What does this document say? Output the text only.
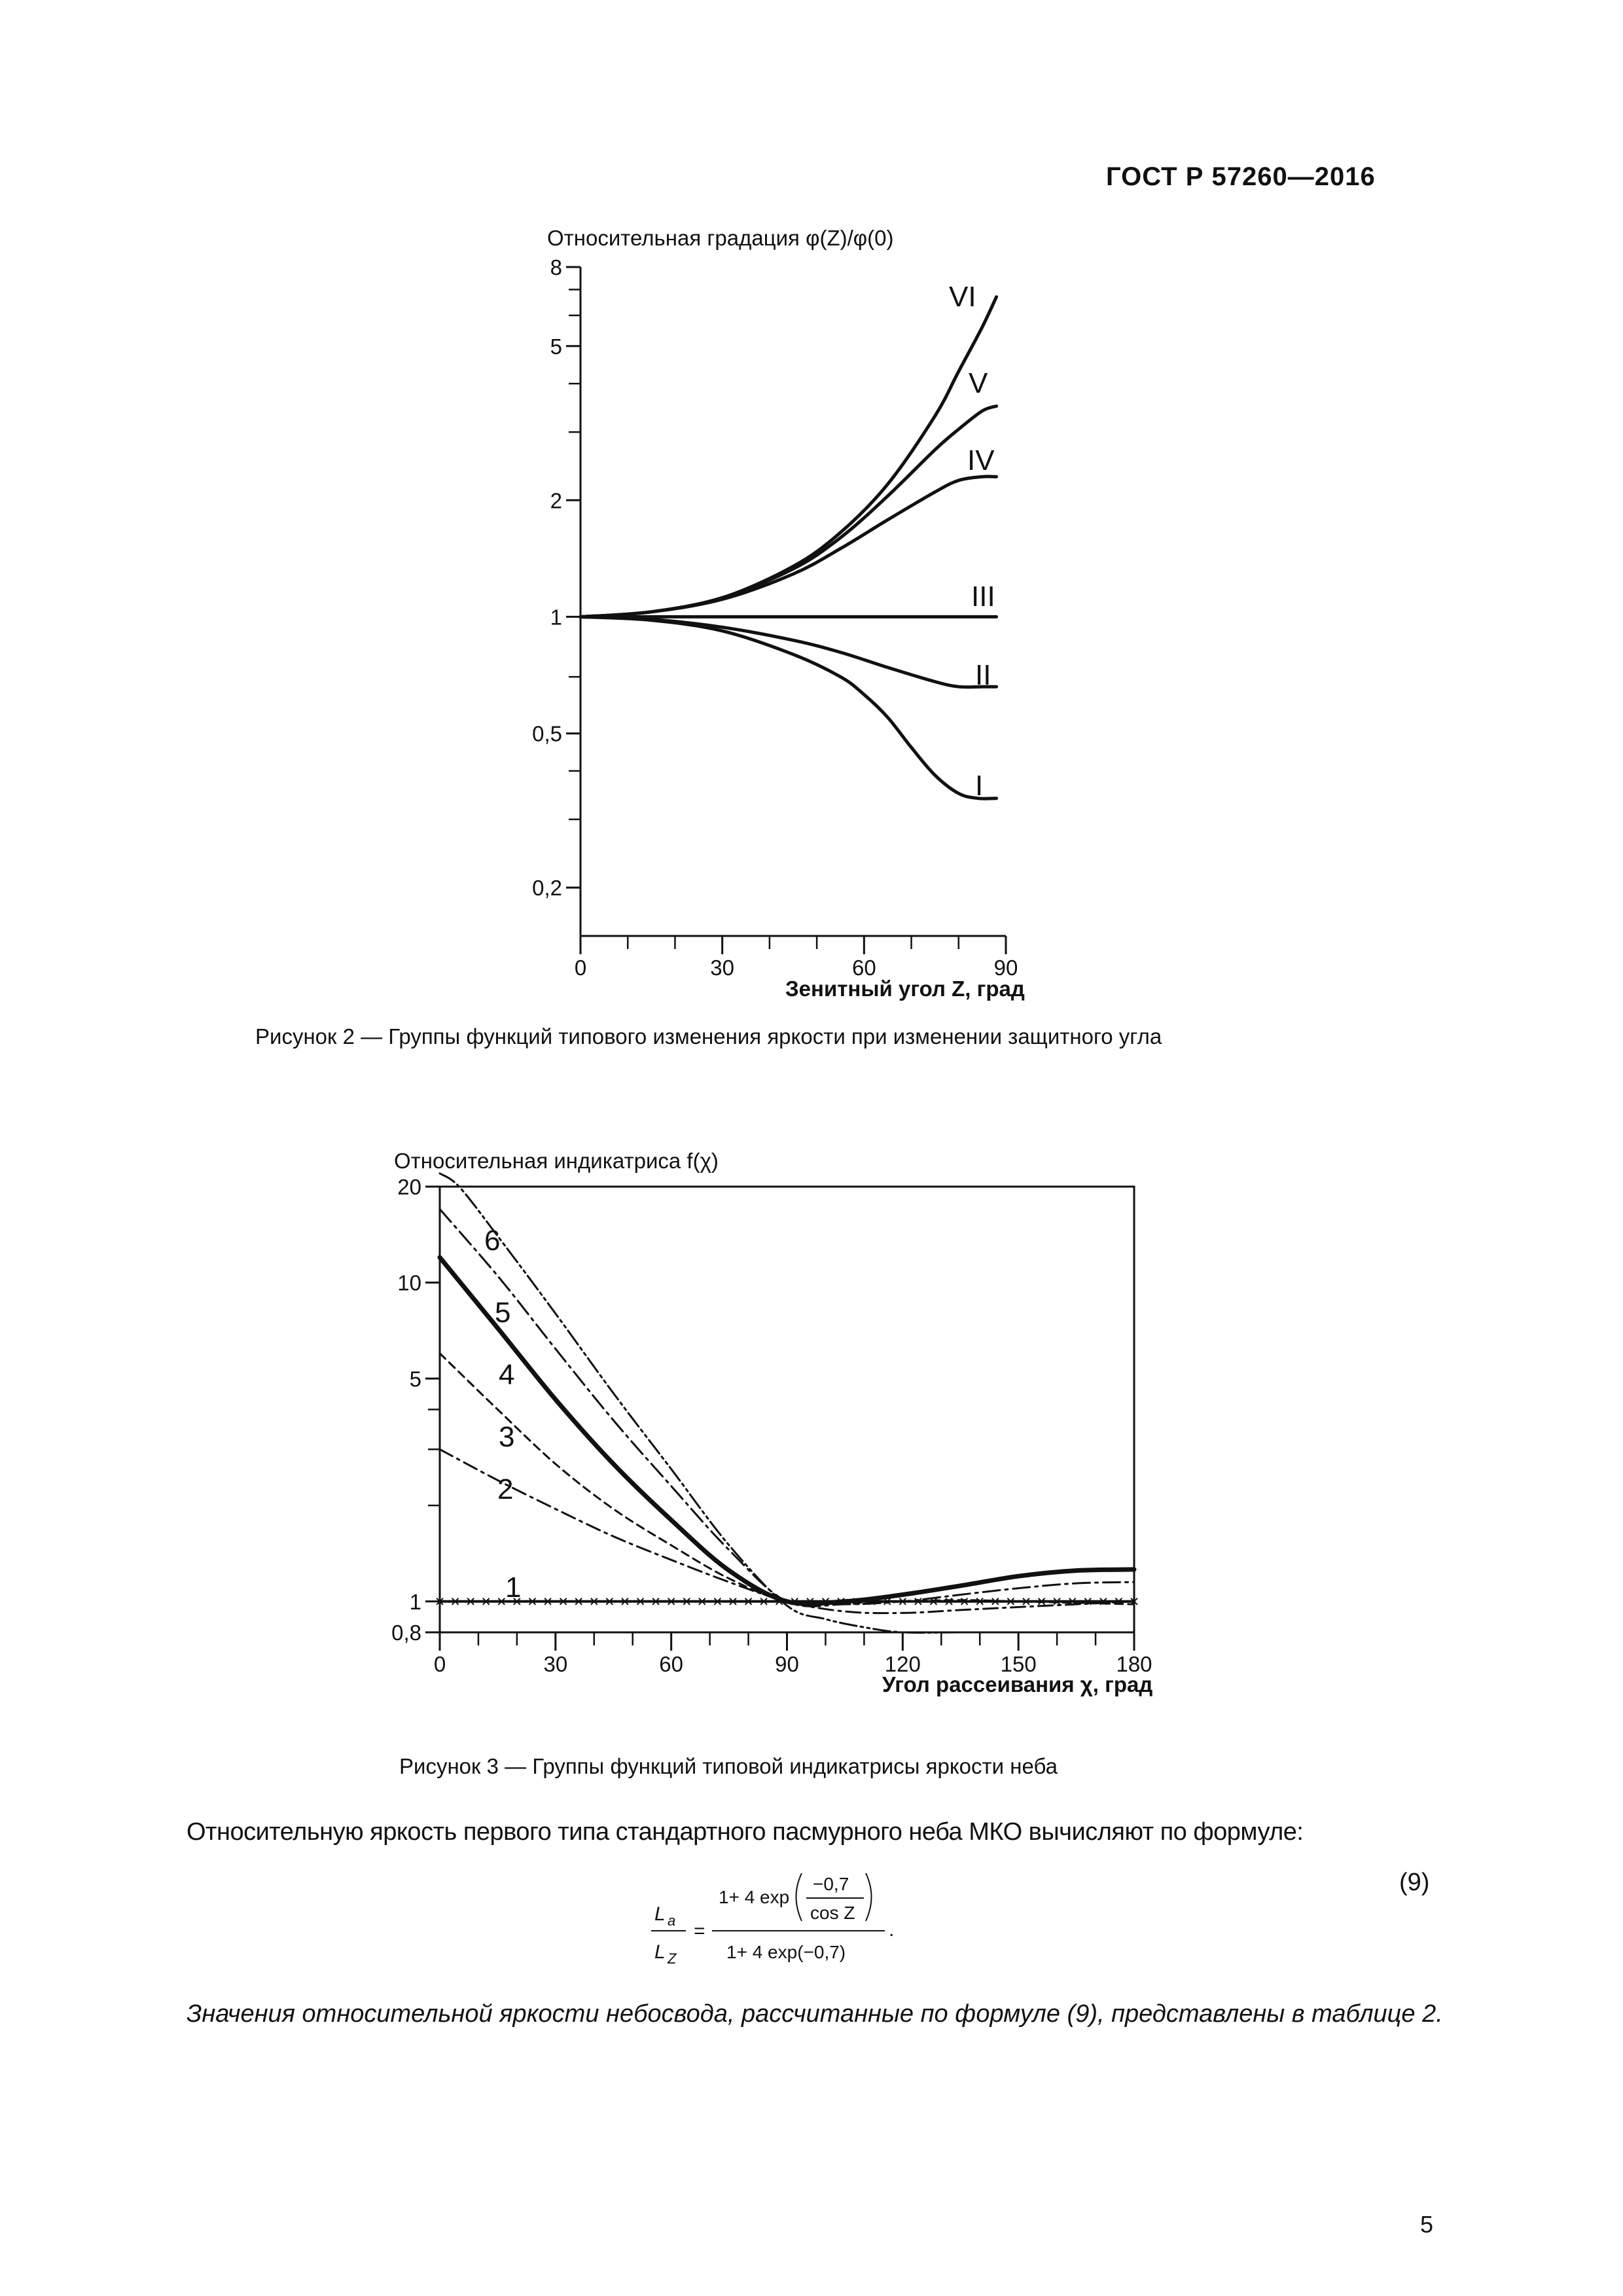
ГОСТ Р 57260—2016
Относительная градация φ(Z)/φ(0)
0,2
0,5
1
2
5
8
0	30	60	90
VI
V
IV
III
II
I
Зенитный угол Z, град
Рисунок 2 — Группы функций типового изменения яркости при изменении защитного угла
Относительная индикатриса f(χ)
0,8
1
5
10
20
0	30	60	90	120	150	180
1
2
3
4
5
6
Угол рассеивания χ, град
Рисунок 3 — Группы функций типовой индикатрисы яркости неба
Относительную яркость первого типа стандартного пасмурного неба МКО вычисляют по формуле:
(9)
L a
L Z
=
1+ 4 exp
−0,7
cos Z
1+ 4 exp(−0,7)
.
Значения относительной яркости небосвода, рассчитанные по формуле (9), представлены в таблице 2.
5
